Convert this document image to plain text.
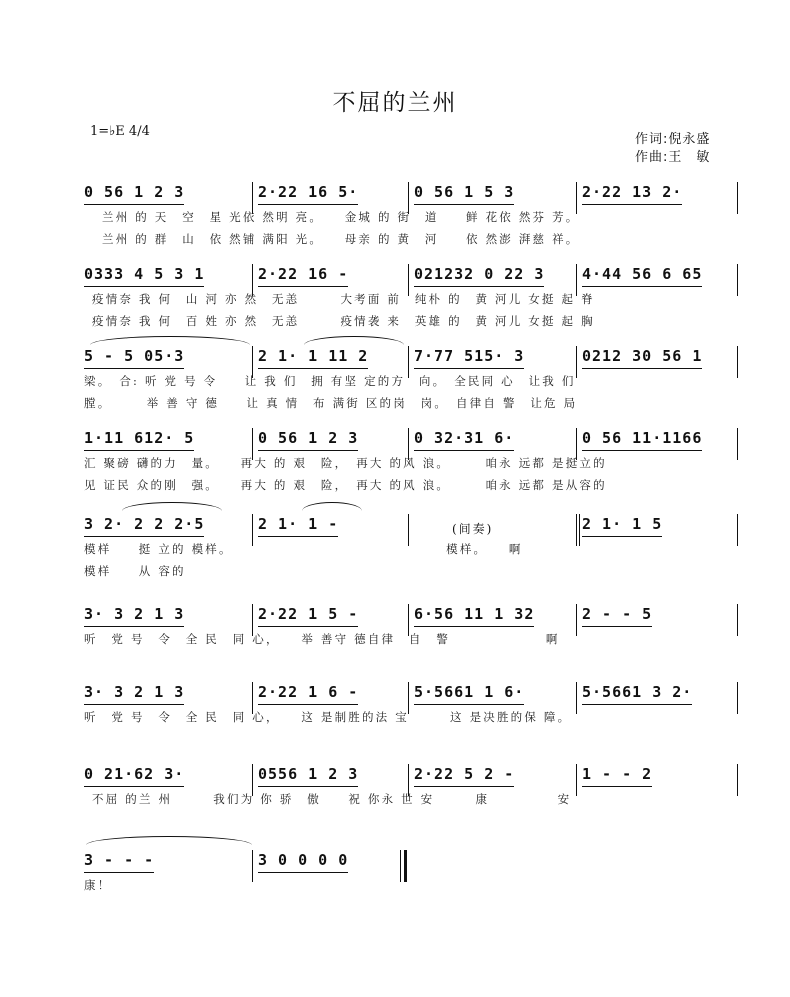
不屈的兰州
1=♭E 4/4
作词:倪永盛
作曲:王　敏
0 56 1 2 3	2·22 16 5·	0 56 1 5 3	2·22 13 2·
兰州 的 天　空　星 光依 然明 亮。　　金城 的 街　道　　鲜 花依 然芬 芳。
兰州 的 群　山　依 然铺 满阳 光。　　母亲 的 黄　河　　依 然澎 湃慈 祥。
0333 4 5 3 1	2·22 16 -	021232 0 22 3	4·44 56 6 65
疫情奈 我 何　山 河 亦 然　无恙　　　大考面 前　纯朴 的　黄 河儿 女挺 起 脊
疫情奈 我 何　百 姓 亦 然　无恙　　　疫情袭 来　英雄 的　黄 河儿 女挺 起 胸
5 - 5 05·3	2 1· 1 11 2	7·77 515· 3	0212 30 56 1
梁。　合: 听 党 号 令　　让 我 们　拥 有坚 定的方　向。　全民同 心　让我 们
膛。　　　举 善 守 德　　让 真 情　布 满街 区的岗　岗。　自律自 警　让危 局
1·11 612· 5	0 56 1 2 3	0 32·31 6·	0 56 11·1166
汇 聚磅 礴的力　量。　　再大 的 艰　险，　再大 的风 浪。　　　咱永 远都 是挺立的
见 证民 众的刚　强。　　再大 的 艰　险，　再大 的风 浪。　　　咱永 远都 是从容的
3 2· 2 2 2·5	2 1· 1 -	(间奏)	2 1· 1 5
模样　　挺 立的 模样。　　　　　　　　　　　　　　　　模样。　　啊
模样　　从 容的
3· 3 2 1 3	2·22 1 5 -	6·56 11 1 32	2 - - 5
听　党 号　令　全 民　同 心，　　举 善守 德自律　自　警　　　　　　　啊
3· 3 2 1 3	2·22 1 6 -	5·5661 1 6·	5·5661 3 2·
听　党 号　令　全 民　同 心，　　这 是制胜的法 宝　　　这 是决胜的保 障。
0 21·62 3·	0556 1 2 3	2·22 5 2 -	1 - - 2
不屈 的兰 州　　　我们为 你 骄　傲　　祝 你永 世 安　　　康　　　　　安
3 - - -	3 0 0 0 0
康！
